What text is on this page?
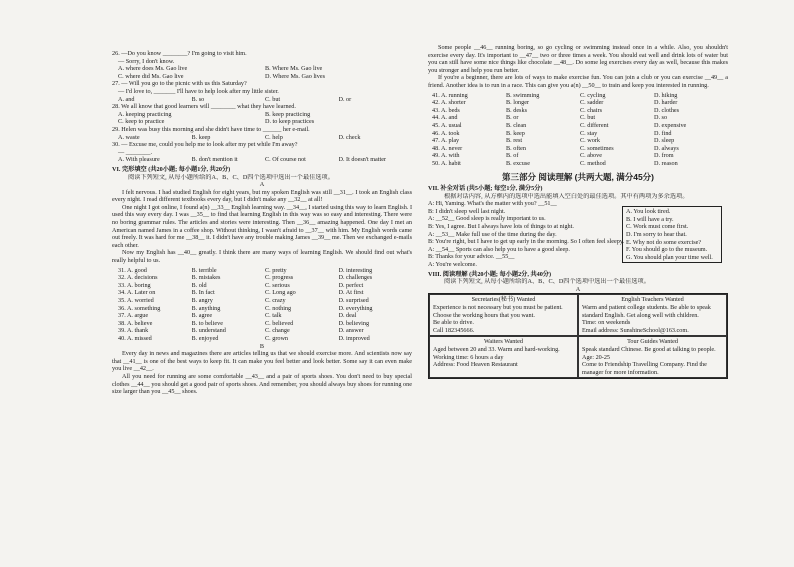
26. —Do you know ________? I'm going to visit him.
— Sorry, I don't know.
A. where does Ms. Gao live	B. Where Ms. Gao live
C. where did Ms. Gao live	D. Where Ms. Gao lives
27. — Will you go to the picnic with us this Saturday?
— I'd love to, _______ I'll have to help look after my little sister.
A. and	B. so	C. but	D. or
28. We all know that good learners will ________ what they have learned.
A. keeping practicing	B. keep practicing
C. keep to practice	D. to keep practices
29. Helen was busy this morning and she didn't have time to ______ her e-mail.
A. waste	B. keep	C. help	D. check
30. — Excuse me, could you help me to look after my pet while I'm away?
— ________.
A. With pleasure	B. don't mention it	C. Of course not	D. It doesn't matter
VI. 完形填空 (共20小题; 每小题1分, 共20分)
阅读下列短文, 从每小题所给的A、B、C、D四个选项中选出一个最佳选项。
A
I felt nervous. I had studied English for eight years, but my spoken English was still __31__. I took an English class every night. I read different textbooks every day, but I didn't make any __32__ at all!
One night I got online, I found a(n) __33__ English learning way. __34__, I started using this way to learn English. I used this way every day. I was __35__ to find that learning English in this way was so easy and interesting. There were no boring grammar rules. The articles and stories were interesting. Then __36__ amazing happened. One day I met an American named James in a coffee shop. Without thinking, I wasn't afraid to __37__ with him. My English words came out freely. It was hard for me __38__ it. I didn't have any trouble making James __39__ me. Then we exchanged e-mails each other.
Now my English has __40__ greatly. I think there are many ways of learning English. We should find out what's really helpful to us.
31. A. good	B. terrible	C. pretty	D. interesting
32. A. decisions	B. mistakes	C. progress	D. challenges
33. A. boring	B. old	C. serious	D. perfect
34. A. Later on	B. In fact	C. Long ago	D. At first
35. A. worried	B. angry	C. crazy	D. surprised
36. A. something	B. anything	C. nothing	D. everything
37. A. argue	B. agree	C. talk	D. deal
38. A. believe	B. to believe	C. believed	D. believing
39. A. thank	B. understand	C. change	D. answer
40. A. missed	B. enjoyed	C. grown	D. improved
B
Every day in news and magazines there are articles telling us that we should exercise more. And scientists now say that __41__ is one of the best ways to keep fit. It can make you feel better and look better. Some say it can even make you live __42__.
All you need for running are some comfortable __43__ and a pair of sports shoes. You don't need to buy special clothes __44__ you should get a good pair of sports shoes. And remember, you should always buy shoes for running one size larger than you __45__ shoes.
Some people __46__ running boring, so go cycling or swimming instead once in a while. Also, you shouldn't exercise every day. It's important to __47__ two or three times a week. You should eat well and drink lots of water but you can still have some nice things like chocolate __48__. Do some leg exercises every day as well, because this makes you stronger and help you run better.
If you're a beginner, there are lots of ways to make exercise fun. You can join a club or you can exercise __49__ a friend. Another idea is to run in a race. This can give you a(n) __50__ to train and keep you interested in running.
41. A. running	B. swimming	C. cycling	D. hiking
42. A. shorter	B. longer	C. sadder	D. harder
43. A. beds	B. desks	C. chairs	D. clothes
44. A. and	B. or	C. but	D. so
45. A. usual	B. clean	C. different	D. expensive
46. A. took	B. keep	C. stay	D. find
47. A. play	B. rest	C. work	D. sleep
48. A. never	B. often	C. sometimes	D. always
49. A. with	B. of	C. above	D. from
50. A. habit	B. excuse	C. method	D. reason
第三部分 阅读理解 (共两大题, 满分45分)
VII. 补全对话 (共5小题; 每空1分, 满分5分)
根据对话内容, 从方框内的选项中选出能填入空白处的最佳选项。其中有两项为多余选项。
A: Hi, Yaming. What's the matter with you? __51__
B: I didn't sleep well last night.
A: __52__ Good sleep is really important to us.
B: Yes, I agree. But I always have lots of things to at night.
A: __53__ Make full use of the time during the day.
B: You're right, but I have to get up early in the morning. So I often feel sleepy.
A: __54__ Sports can also help you to have a good sleep.
B: Thanks for your advice. __55__
A: You're welcome.
A. You look tired.
B. I will have a try.
C. Work must come first.
D. I'm sorry to hear that.
E. Why not do some exercise?
F. You should go to the museum.
G. You should plan your time well.
VIII. 阅读理解 (共20小题; 每小题2分, 共40分)
阅读下列短文, 从每小题所给的A、B、C、D四个选项中选出一个最佳选项。
A
Secretaries(秘书) Wanted
Experience is not necessary but you must be patient. Choose the working hours that you want.
Be able to drive.
Call 182345666.
English Teachers Wanted
Warm and patient college students. Be able to speak standard English. Get along well with children.
Time: on weekends
Email address: SunshineSchool@163.com.
Waiters Wanted
Aged between 20 and 33. Warm and hard-working.
Working time: 6 hours a day
Address: Food Heaven Restaurant
Tour Guides Wanted
Speak standard Chinese. Be good at talking to people.
Age: 20-25
Come to Friendship Travelling Company. Find the manager for more information.
